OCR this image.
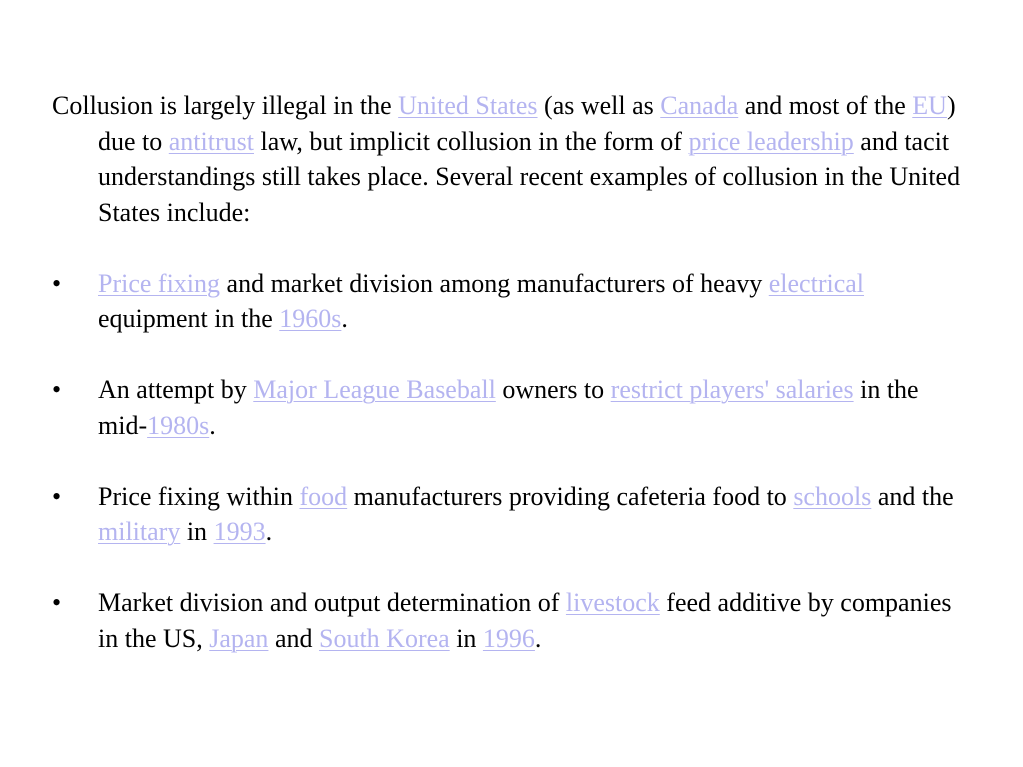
Collusion is largely illegal in the United States (as well as Canada and most of the EU) due to antitrust law, but implicit collusion in the form of price leadership and tacit understandings still takes place. Several recent examples of collusion in the United States include:

• Price fixing and market division among manufacturers of heavy electrical equipment in the 1960s.

• An attempt by Major League Baseball owners to restrict players' salaries in the mid-1980s.

• Price fixing within food manufacturers providing cafeteria food to schools and the military in 1993.

• Market division and output determination of livestock feed additive by companies in the US, Japan and South Korea in 1996.
